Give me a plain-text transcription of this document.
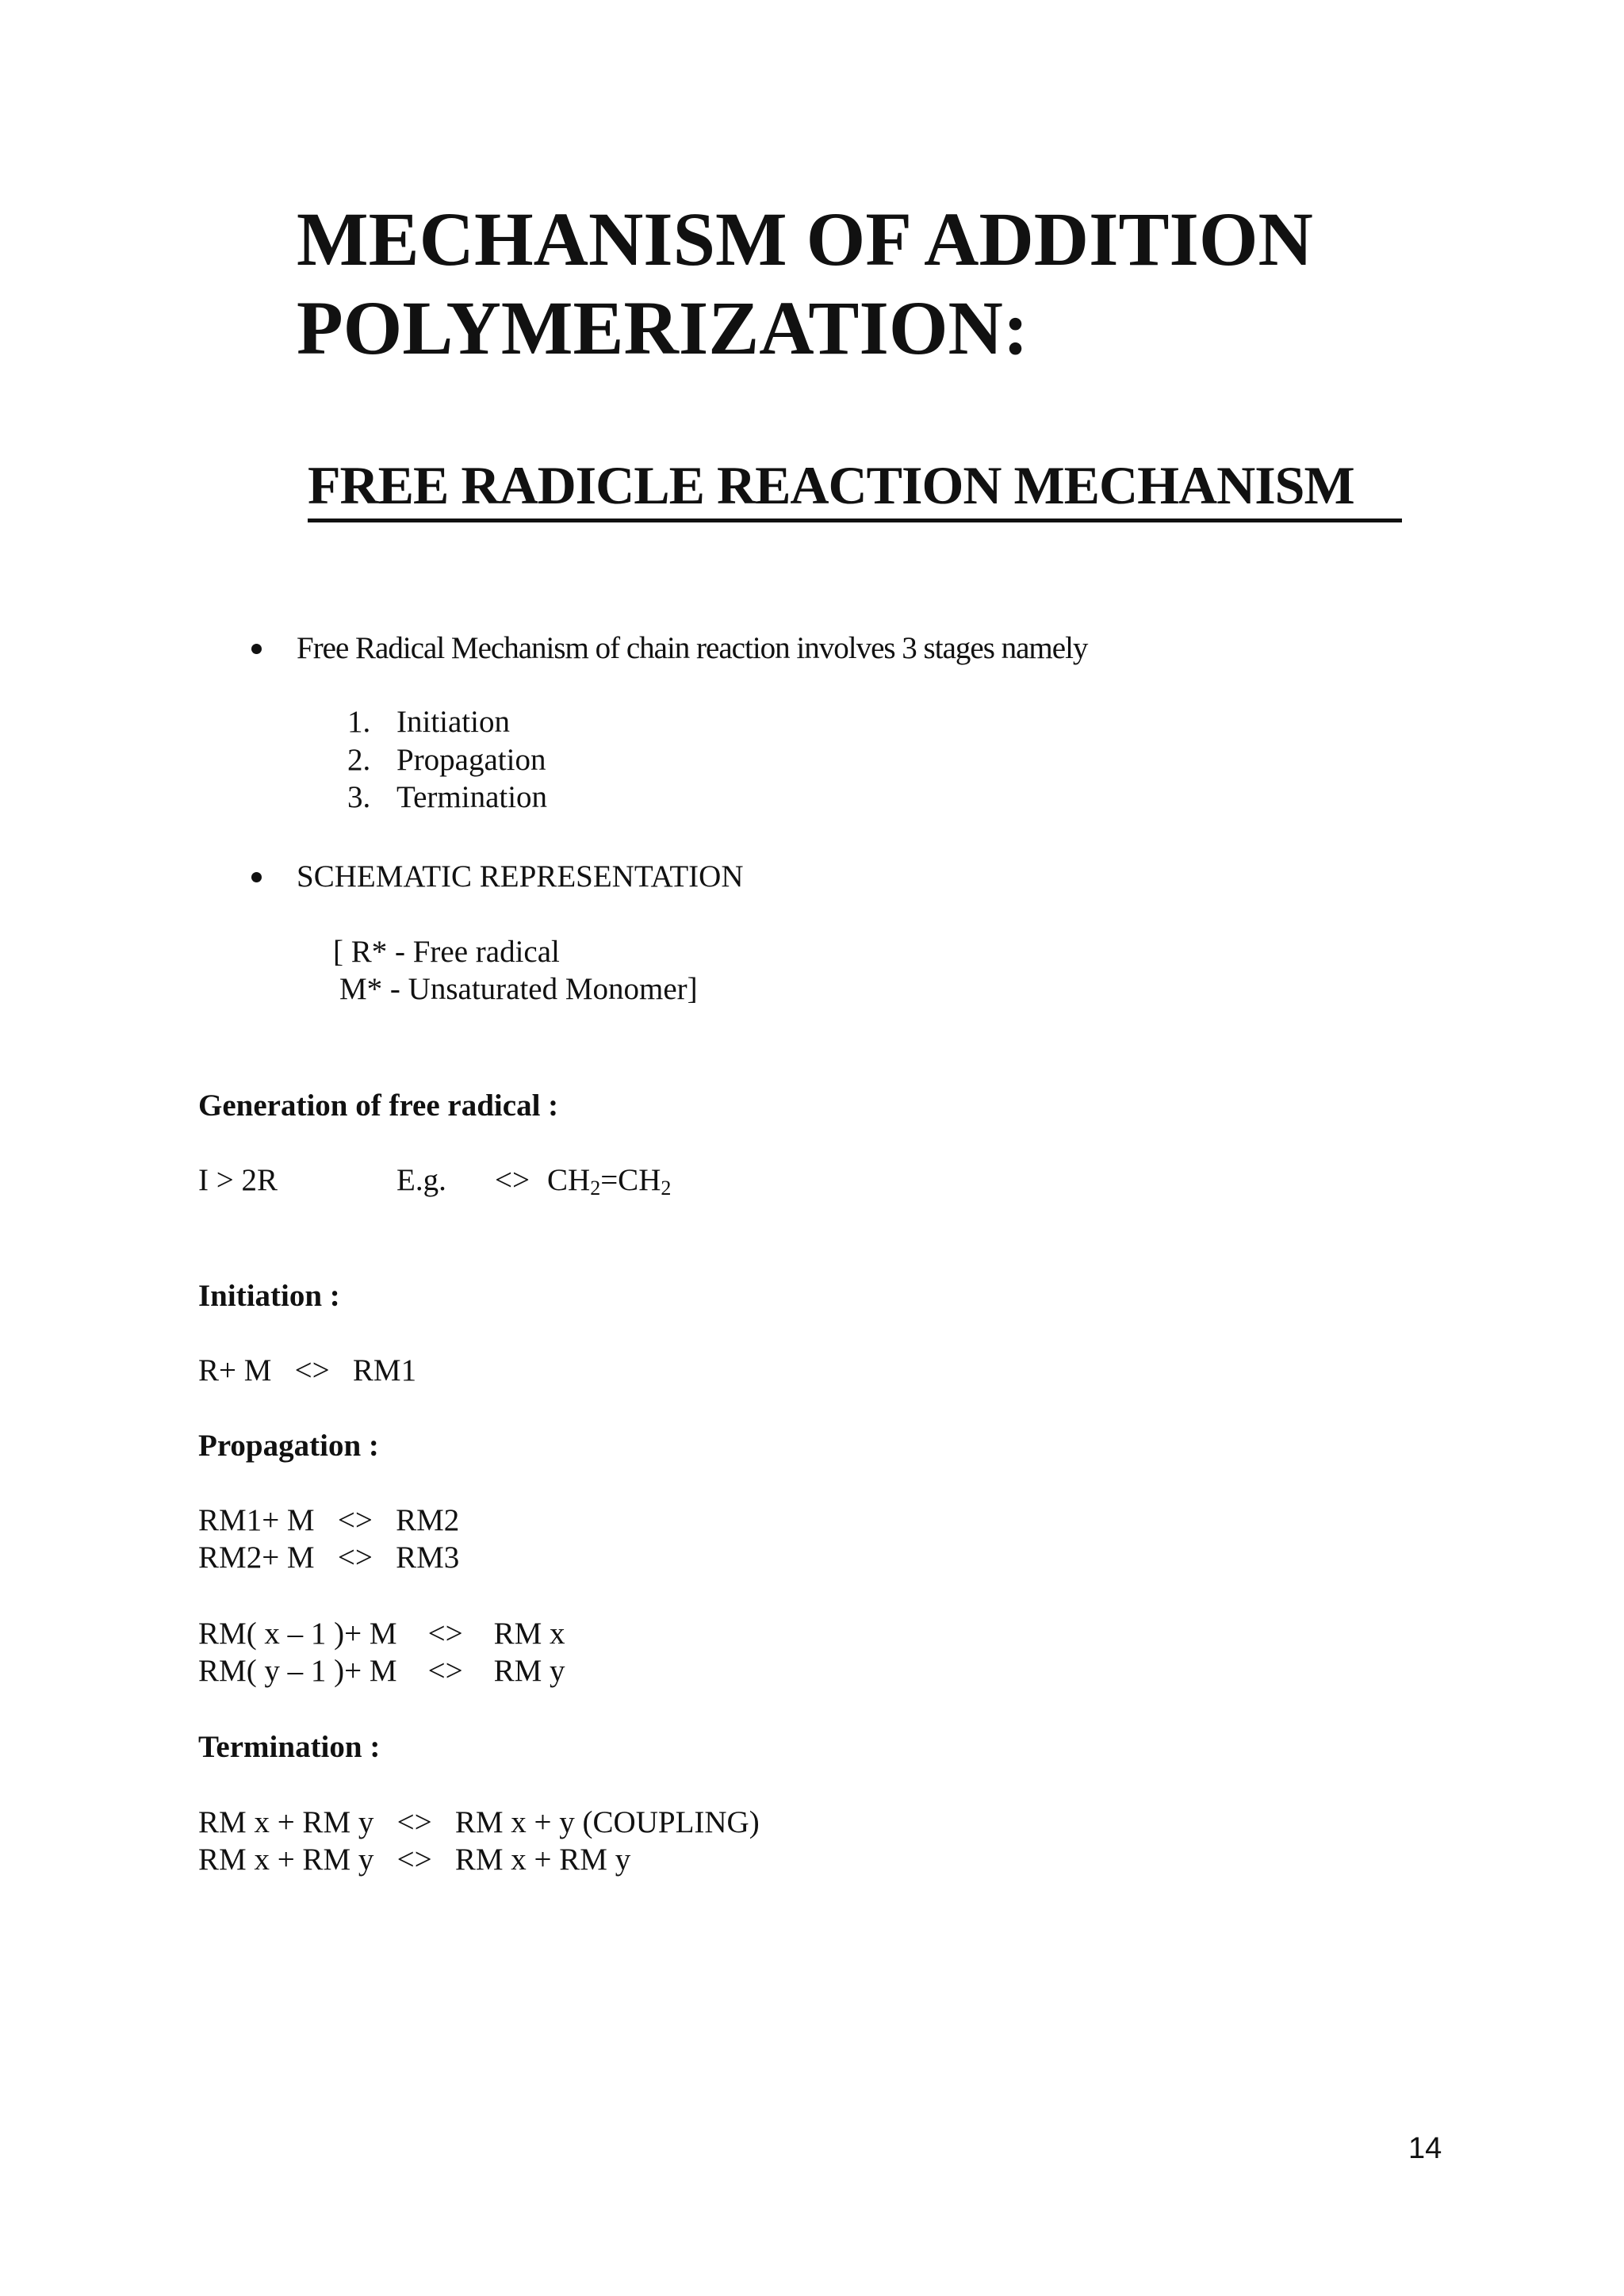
MECHANISM OF ADDITION
POLYMERIZATION:
FREE RADICLE REACTION MECHANISM
Free Radical Mechanism of chain reaction involves 3 stages namely
1. Initiation
2. Propagation
3. Termination
SCHEMATIC REPRESENTATION
[ R* - Free radical
M* - Unsaturated Monomer]
Generation of free radical :
I > 2R	E.g. <> $CH_2=CH_2$
Initiation :
R+ M   <>   RM1
Propagation :
RM1+ M   <>   RM2
RM2+ M   <>   RM3
RM( x – 1 )+ M    <>    RM x
RM( y – 1 )+ M    <>    RM y
Termination :
RM x + RM y   <>   RM x + y (COUPLING)
RM x + RM y   <>   RM x + RM y
14
